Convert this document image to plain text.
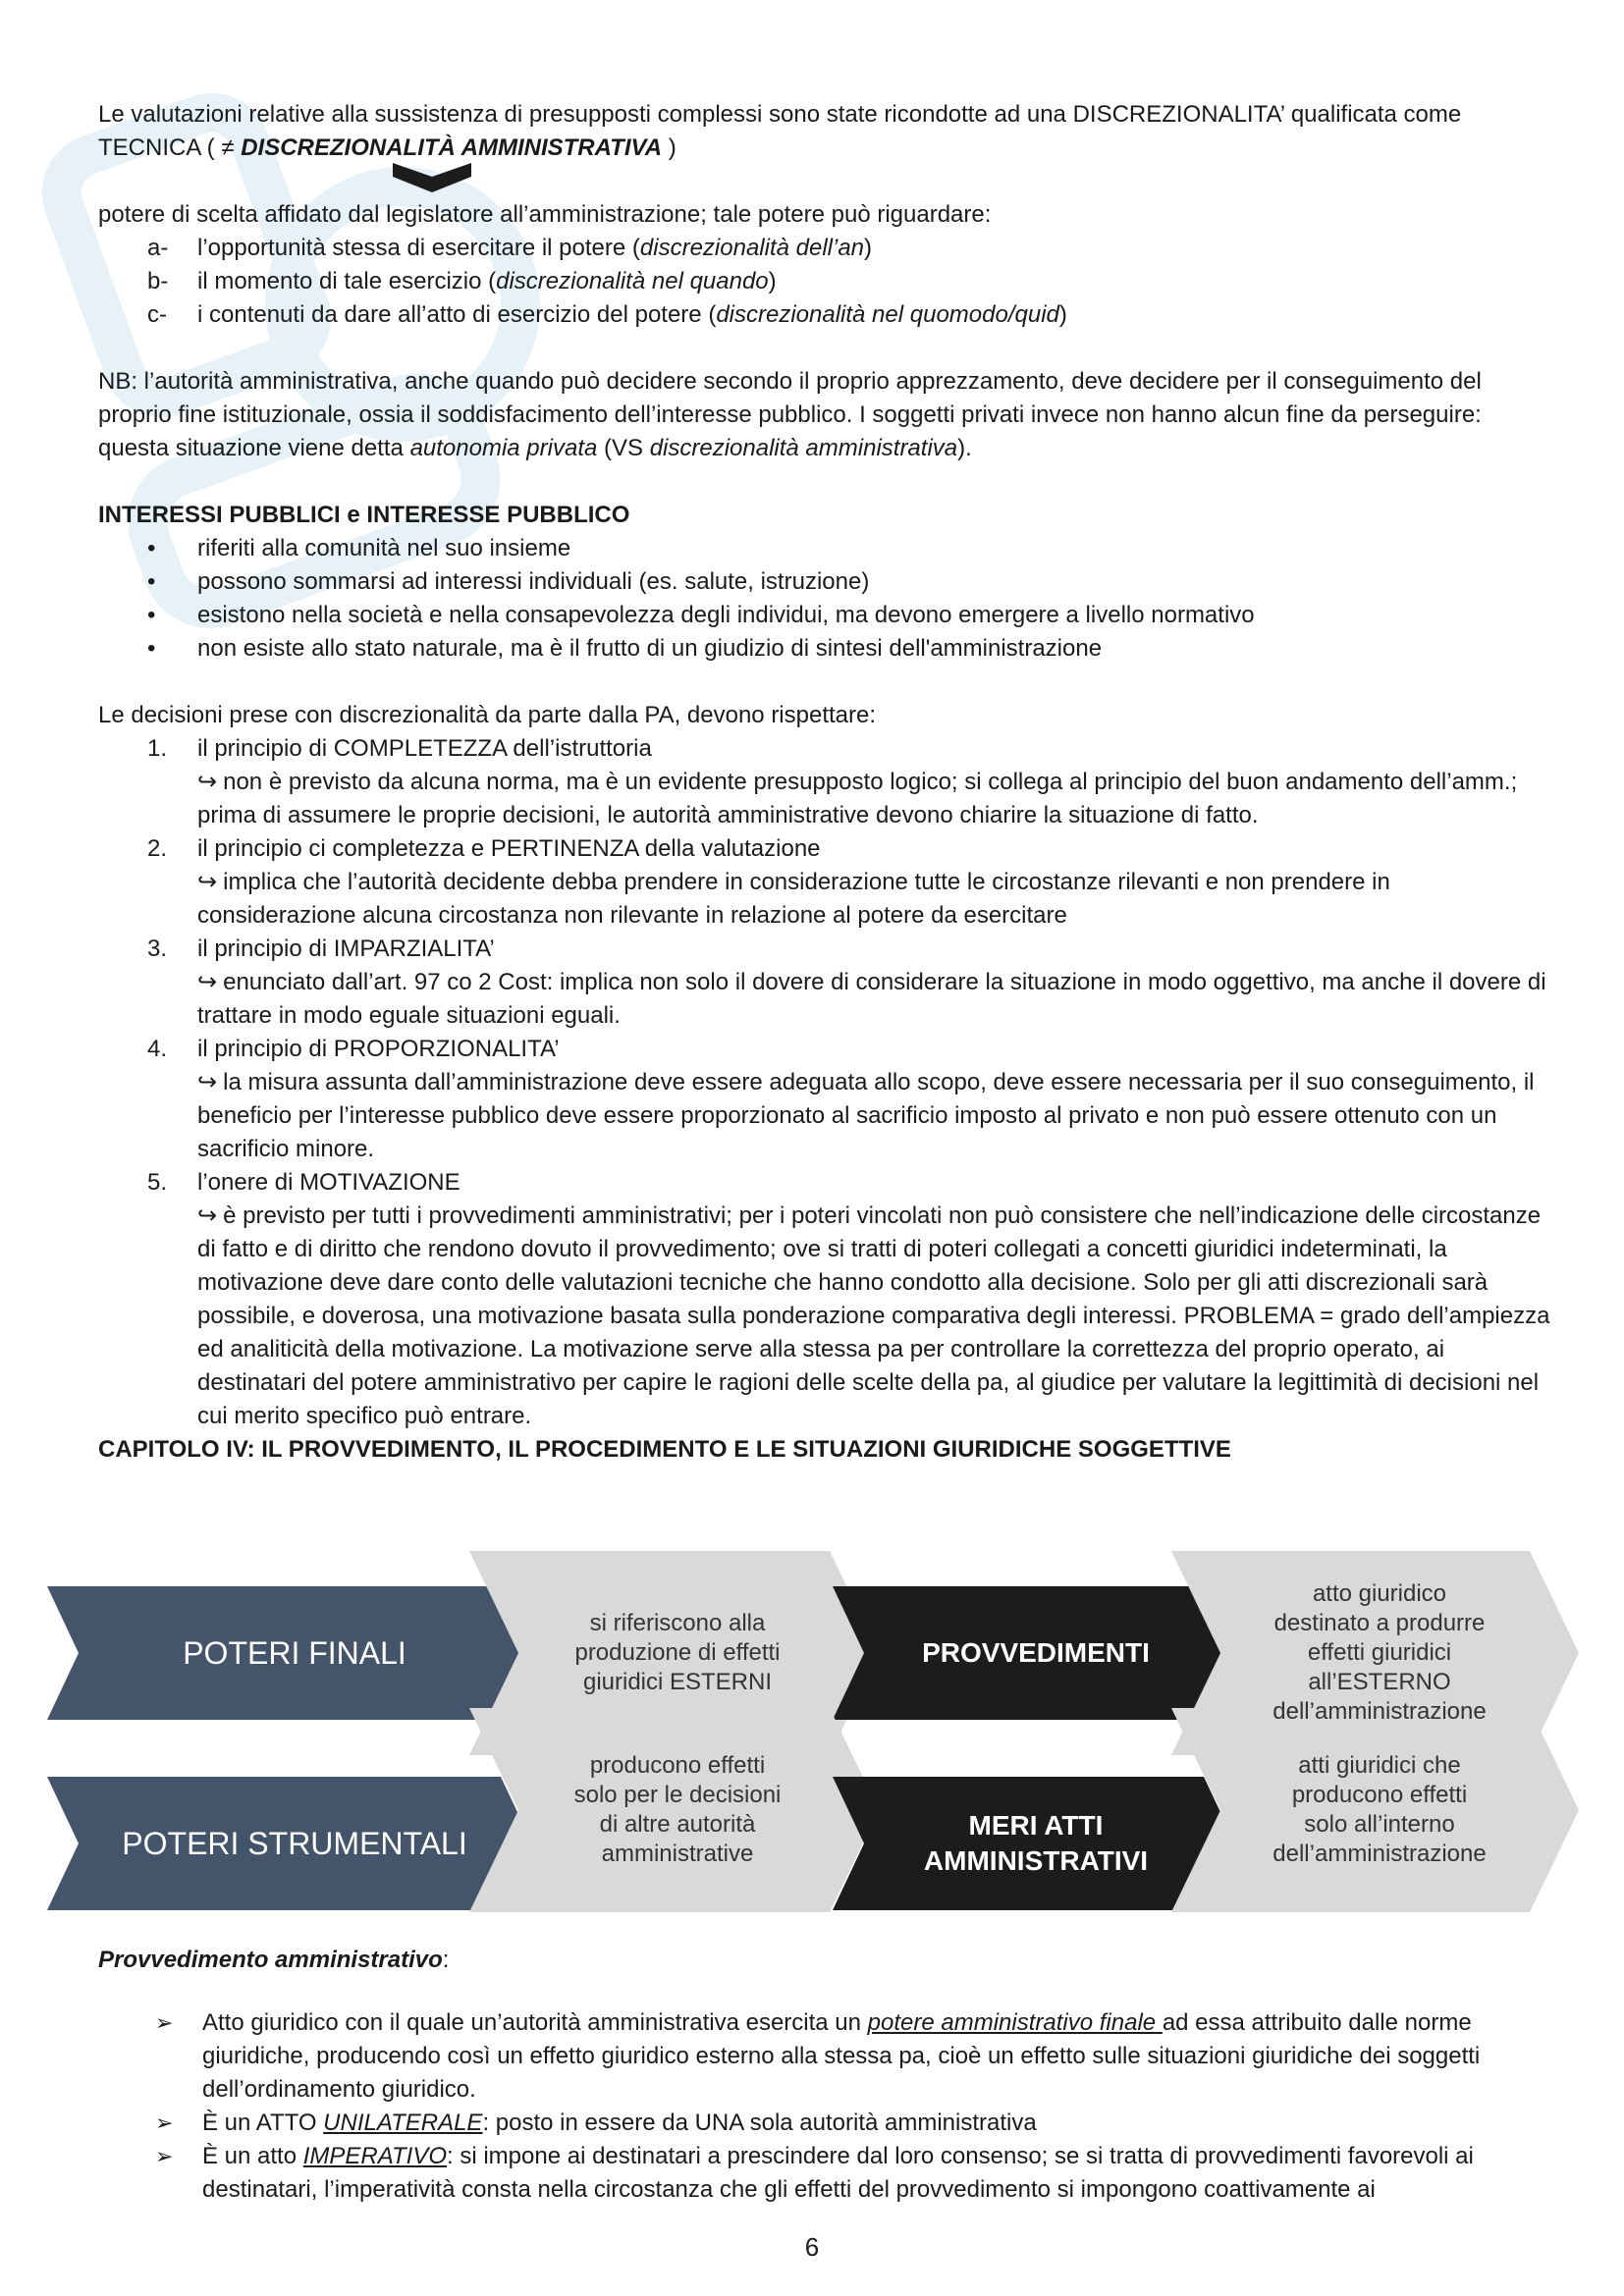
Le valutazioni relative alla sussistenza di presupposti complessi sono state ricondotte ad una DISCREZIONALITA’ qualificata come

TECNICA ( ≠ DISCREZIONALITÀ AMMINISTRATIVA )

potere di scelta affidato dal legislatore all’amministrazione; tale potere può riguardare:

a- l’opportunità stessa di esercitare il potere (discrezionalità dell’an)
b- il momento di tale esercizio (discrezionalità nel quando)
c- i contenuti da dare all’atto di esercizio del potere (discrezionalità nel quomodo/quid)

NB: l’autorità amministrativa, anche quando può decidere secondo il proprio apprezzamento, deve decidere per il conseguimento del proprio fine istituzionale, ossia il soddisfacimento dell’interesse pubblico. I soggetti privati invece non hanno alcun fine da perseguire: questa situazione viene detta autonomia privata (VS discrezionalità amministrativa).

INTERESSI PUBBLICI e INTERESSE PUBBLICO

• riferiti alla comunità nel suo insieme
• possono sommarsi ad interessi individuali (es. salute, istruzione)
• esistono nella società e nella consapevolezza degli individui, ma devono emergere a livello normativo
• non esiste allo stato naturale, ma è il frutto di un giudizio di sintesi dell'amministrazione

Le decisioni prese con discrezionalità da parte dalla PA, devono rispettare:

1. il principio di COMPLETEZZA dell’istruttoria
↪ non è previsto da alcuna norma, ma è un evidente presupposto logico; si collega al principio del buon andamento dell’amm.; prima di assumere le proprie decisioni, le autorità amministrative devono chiarire la situazione di fatto.
2. il principio ci completezza e PERTINENZA della valutazione
↪ implica che l’autorità decidente debba prendere in considerazione tutte le circostanze rilevanti e non prendere in considerazione alcuna circostanza non rilevante in relazione al potere da esercitare
3. il principio di IMPARZIALITA’
↪ enunciato dall’art. 97 co 2 Cost: implica non solo il dovere di considerare la situazione in modo oggettivo, ma anche il dovere di trattare in modo eguale situazioni eguali.
4. il principio di PROPORZIONALITA’
↪ la misura assunta dall’amministrazione deve essere adeguata allo scopo, deve essere necessaria per il suo conseguimento, il beneficio per l’interesse pubblico deve essere proporzionato al sacrificio imposto al privato e non può essere ottenuto con un sacrificio minore.
5. l’onere di MOTIVAZIONE
↪ è previsto per tutti i provvedimenti amministrativi; per i poteri vincolati non può consistere che nell’indicazione delle circostanze di fatto e di diritto che rendono dovuto il provvedimento; ove si tratti di poteri collegati a concetti giuridici indeterminati, la motivazione deve dare conto delle valutazioni tecniche che hanno condotto alla decisione. Solo per gli atti discrezionali sarà possibile, e doverosa, una motivazione basata sulla ponderazione comparativa degli interessi. PROBLEMA = grado dell’ampiezza ed analiticità della motivazione. La motivazione serve alla stessa pa per controllare la correttezza del proprio operato, ai destinatari del potere amministrativo per capire le ragioni delle scelte della pa, al giudice per valutare la legittimità di decisioni nel cui merito specifico può entrare.

CAPITOLO IV: IL PROVVEDIMENTO, IL PROCEDIMENTO E LE SITUAZIONI GIURIDICHE SOGGETTIVE

POTERI FINALI
si riferiscono alla
produzione di effetti
giuridici ESTERNI
PROVVEDIMENTI
atto giuridico
destinato a produrre
effetti giuridici
all’ESTERNO
dell’amministrazione
POTERI STRUMENTALI
producono effetti
solo per le decisioni
di altre autorità
amministrative
MERI ATTI
AMMINISTRATIVI
atti giuridici che
producono effetti
solo all’interno
dell’amministrazione

Provvedimento amministrativo:

➢ Atto giuridico con il quale un’autorità amministrativa esercita un potere amministrativo finale ad essa attribuito dalle norme giuridiche, producendo così un effetto giuridico esterno alla stessa pa, cioè un effetto sulle situazioni giuridiche dei soggetti dell’ordinamento giuridico.
➢ È un ATTO UNILATERALE: posto in essere da UNA sola autorità amministrativa
➢ È un atto IMPERATIVO: si impone ai destinatari a prescindere dal loro consenso; se si tratta di provvedimenti favorevoli ai destinatari, l’imperatività consta nella circostanza che gli effetti del provvedimento si impongono coattivamente ai
6
